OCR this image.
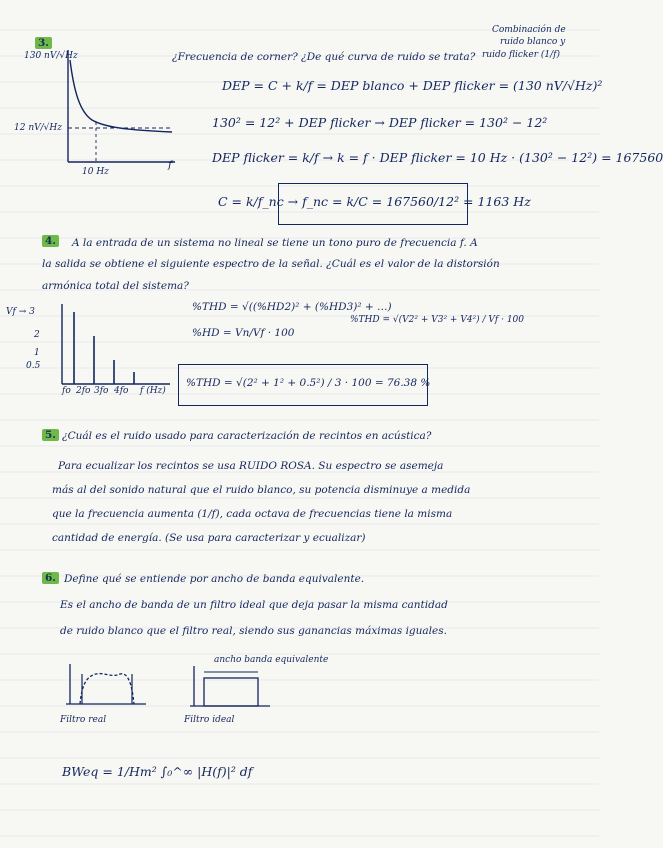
Combinación de
ruido blanco y
ruido flicker (1/f)
3.
¿Frecuencia de corner? ¿De qué curva de ruido se trata?
130 nV/√Hz
12 nV/√Hz
10 Hz
f
DEP = C + k/f = DEP blanco + DEP flicker = (130 nV/√Hz)²
130² = 12² + DEP flicker → DEP flicker = 130² − 12²
DEP flicker = k/f → k = f · DEP flicker = 10 Hz · (130² − 12²) = 167560
C = k/f_nc → f_nc = k/C = 167560/12² = 1163 Hz
4. A la entrada de un sistema no lineal se tiene un tono puro de frecuencia f. A
la salida se obtiene el siguiente espectro de la señal. ¿Cuál es el valor de la distorsión
armónica total del sistema?
Vf → 3
2
1
0.5
fo 2fo 3fo 4fo f (Hz)
%THD = √((%HD2)² + (%HD3)² + …)
%HD = Vn/Vf · 100
%THD = √(V2² + V3² + V4²) / Vf · 100
%THD = √(2² + 1² + 0.5²) / 3 · 100 = 76.38 %
5. ¿Cuál es el ruido usado para caracterización de recintos en acústica?
Para ecualizar los recintos se usa RUIDO ROSA. Su espectro se asemeja
más al del sonido natural que el ruido blanco, su potencia disminuye a medida
que la frecuencia aumenta (1/f), cada octava de frecuencias tiene la misma
cantidad de energía. (Se usa para caracterizar y ecualizar)
6. Define qué se entiende por ancho de banda equivalente.
Es el ancho de banda de un filtro ideal que deja pasar la misma cantidad
de ruido blanco que el filtro real, siendo sus ganancias máximas iguales.
ancho banda equivalente
Filtro real	Filtro ideal
BWeq = 1/Hm² ∫₀^∞ |H(f)|² df
